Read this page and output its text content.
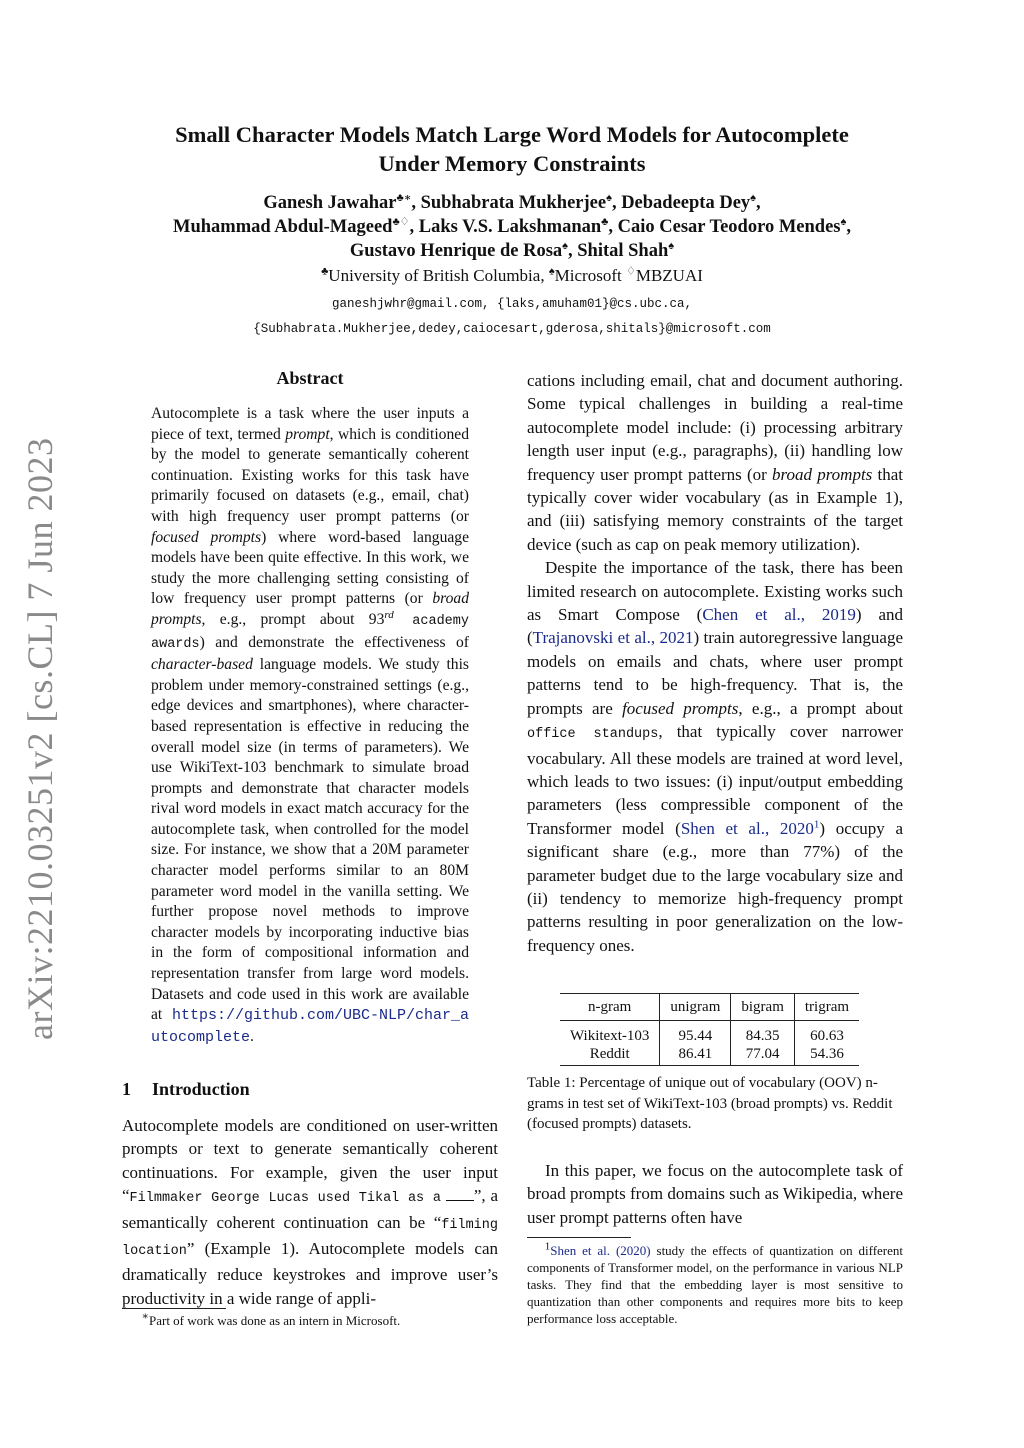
arXiv:2210.03251v2 [cs.CL] 7 Jun 2023
Small Character Models Match Large Word Models for Autocomplete
Under Memory Constraints
Ganesh Jawahar♣∗, Subhabrata Mukherjee♠, Debadeepta Dey♠,
Muhammad Abdul-Mageed♣♢, Laks V.S. Lakshmanan♣, Caio Cesar Teodoro Mendes♠,
Gustavo Henrique de Rosa♠, Shital Shah♠
♣University of British Columbia, ♠Microsoft ♢MBZUAI
ganeshjwhr@gmail.com, {laks,amuham01}@cs.ubc.ca,
{Subhabrata.Mukherjee,dedey,caiocesart,gderosa,shitals}@microsoft.com
Abstract
Autocomplete is a task where the user inputs a piece of text, termed prompt, which is conditioned by the model to generate semantically coherent continuation. Existing works for this task have primarily focused on datasets (e.g., email, chat) with high frequency user prompt patterns (or focused prompts) where word-based language models have been quite effective. In this work, we study the more challenging setting consisting of low frequency user prompt patterns (or broad prompts, e.g., prompt about 93rd academy awards) and demonstrate the effectiveness of character-based language models. We study this problem under memory-constrained settings (e.g., edge devices and smartphones), where character-based representation is effective in reducing the overall model size (in terms of parameters). We use WikiText-103 benchmark to simulate broad prompts and demonstrate that character models rival word models in exact match accuracy for the autocomplete task, when controlled for the model size. For instance, we show that a 20M parameter character model performs similar to an 80M parameter word model in the vanilla setting. We further propose novel methods to improve character models by incorporating inductive bias in the form of compositional information and representation transfer from large word models. Datasets and code used in this work are available at https://github.com/UBC-NLP/char_autocomplete.
1 Introduction
Autocomplete models are conditioned on user-written prompts or text to generate semantically coherent continuations. For example, given the user input “Filmmaker George Lucas used Tikal as a ”, a semantically coherent continuation can be “filming location” (Example 1). Autocomplete models can dramatically reduce keystrokes and improve user’s productivity in a wide range of appli-
∗Part of work was done as an intern in Microsoft.

cations including email, chat and document authoring. Some typical challenges in building a real-time autocomplete model include: (i) processing arbitrary length user input (e.g., paragraphs), (ii) handling low frequency user prompt patterns (or broad prompts that typically cover wider vocabulary (as in Example 1), and (iii) satisfying memory constraints of the target device (such as cap on peak memory utilization).

Despite the importance of the task, there has been limited research on autocomplete. Existing works such as Smart Compose (Chen et al., 2019) and (Trajanovski et al., 2021) train autoregressive language models on emails and chats, where user prompt patterns tend to be high-frequency. That is, the prompts are focused prompts, e.g., a prompt about office standups, that typically cover narrower vocabulary. All these models are trained at word level, which leads to two issues: (i) input/output embedding parameters (less compressible component of the Transformer model (Shen et al., 2020$^1$) occupy a significant share (e.g., more than 77%) of the parameter budget due to the large vocabulary size and (ii) tendency to memorize high-frequency prompt patterns resulting in poor generalization on the low-frequency ones.

n-gram	unigram	bigram	trigram
Wikitext-103	95.44	84.35	60.63
Reddit	86.41	77.04	54.36
Table 1: Percentage of unique out of vocabulary (OOV) n-grams in test set of WikiText-103 (broad prompts) vs. Reddit (focused prompts) datasets.
In this paper, we focus on the autocomplete task of broad prompts from domains such as Wikipedia, where user prompt patterns often have
$^1$Shen et al. (2020) study the effects of quantization on different components of Transformer model, on the performance in various NLP tasks. They find that the embedding layer is most sensitive to quantization than other components and requires more bits to keep performance loss acceptable.
